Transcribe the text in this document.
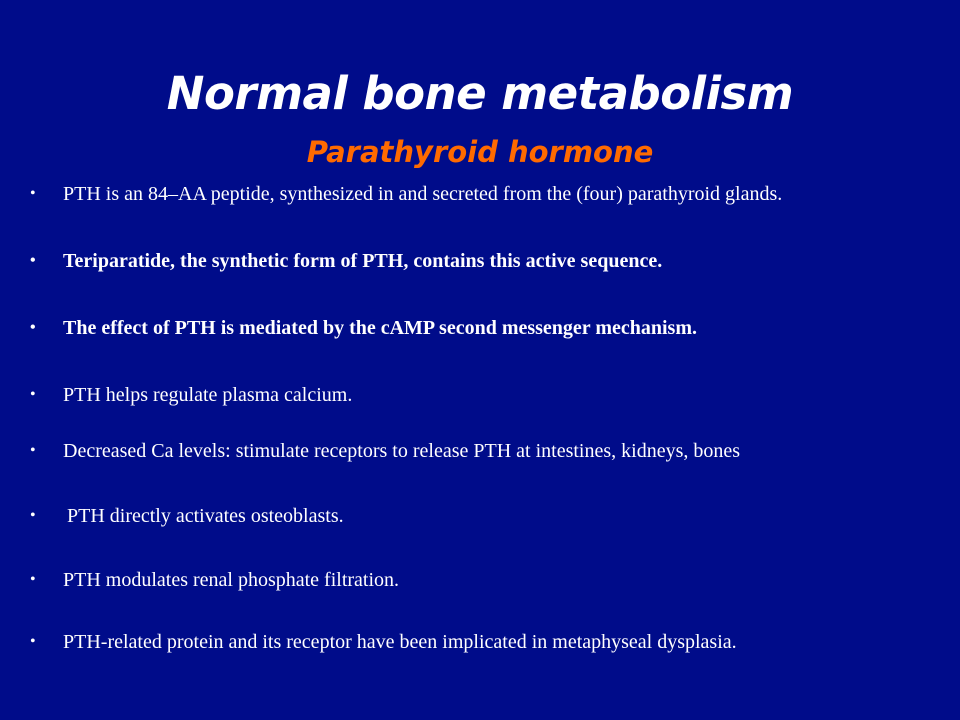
Normal bone metabolism
Parathyroid hormone
•	PTH is an 84–AA peptide, synthesized in and secreted from the (four) parathyroid glands.
•	Teriparatide, the synthetic form of PTH, contains this active sequence.
•	The effect of PTH is mediated by the cAMP second messenger mechanism.
•	PTH helps regulate plasma calcium.
•	Decreased Ca levels: stimulate receptors to release PTH at intestines, kidneys, bones
•	PTH directly activates osteoblasts.
•	PTH modulates renal phosphate filtration.
•	PTH-related protein and its receptor have been implicated in metaphyseal dysplasia.
